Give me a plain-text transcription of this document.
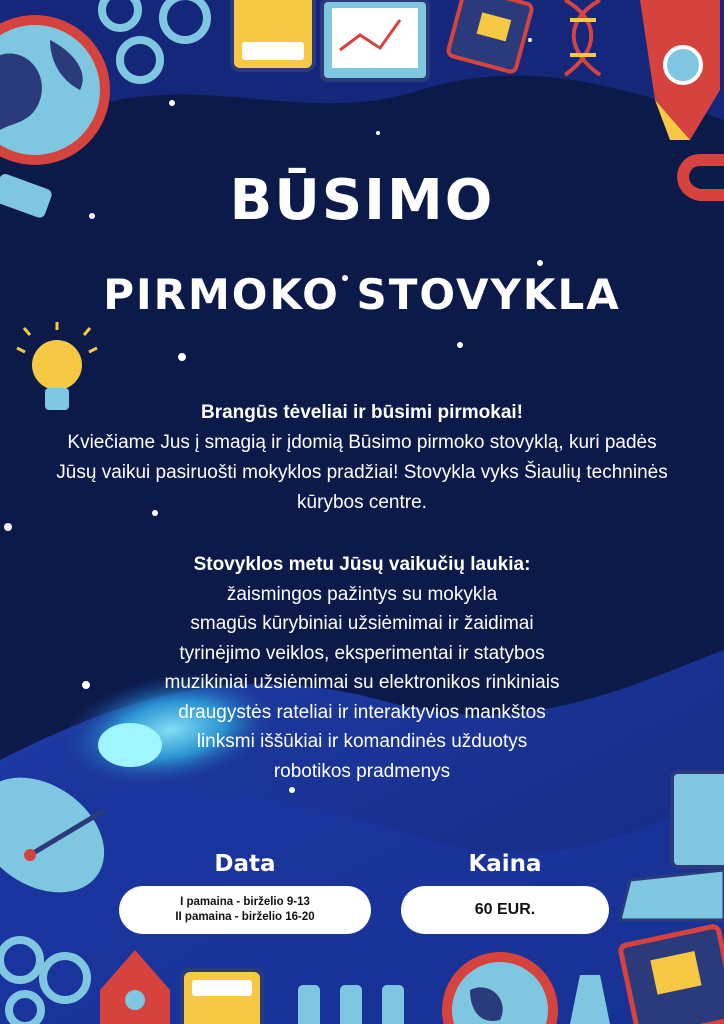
BŪSIMO
PIRMOKO STOVYKLA
Brangūs tėveliai ir būsimi pirmokai!
Kviečiame Jus į smagią ir įdomią Būsimo pirmoko stovyklą, kuri padės
Jūsų vaikui pasiruošti mokyklos pradžiai! Stovykla vyks Šiaulių techninės
kūrybos centre.
Stovyklos metu Jūsų vaikučių laukia:
žaismingos pažintys su mokykla
smagūs kūrybiniai užsiėmimai ir žaidimai
tyrinėjimo veiklos, eksperimentai ir statybos
muzikiniai užsiėmimai su elektronikos rinkiniais
draugystės rateliai ir interaktyvios mankštos
linksmi iššūkiai ir komandinės užduotys
robotikos pradmenys
Data
I pamaina - birželio 9-13
II pamaina - birželio 16-20
Kaina
60 EUR.
